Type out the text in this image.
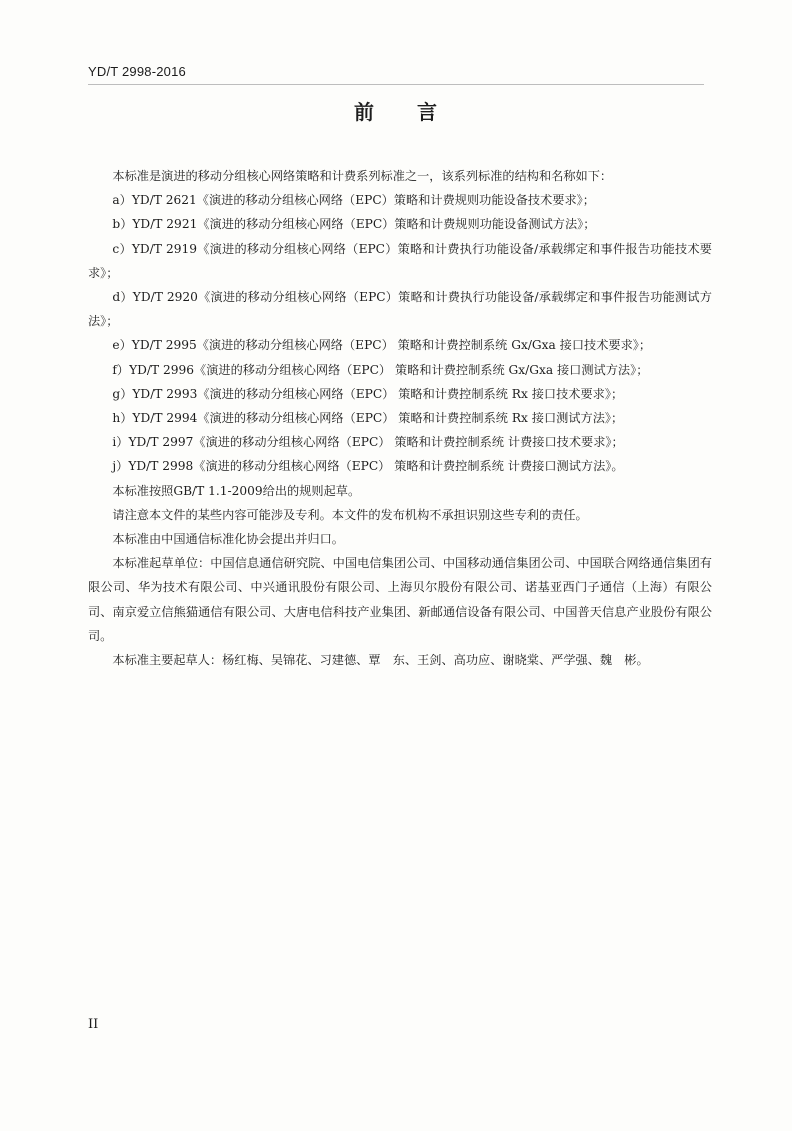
YD/T 2998-2016
前　　言

本标准是演进的移动分组核心网络策略和计费系列标准之一，该系列标准的结构和名称如下：

a）YD/T 2621《演进的移动分组核心网络（EPC）策略和计费规则功能设备技术要求》；

b）YD/T 2921《演进的移动分组核心网络（EPC）策略和计费规则功能设备测试方法》；

c）YD/T 2919《演进的移动分组核心网络（EPC）策略和计费执行功能设备/承载绑定和事件报告功能技术要求》；

d）YD/T 2920《演进的移动分组核心网络（EPC）策略和计费执行功能设备/承载绑定和事件报告功能测试方法》；

e）YD/T 2995《演进的移动分组核心网络（EPC） 策略和计费控制系统 Gx/Gxa 接口技术要求》；

f）YD/T 2996《演进的移动分组核心网络（EPC） 策略和计费控制系统 Gx/Gxa 接口测试方法》；

g）YD/T 2993《演进的移动分组核心网络（EPC） 策略和计费控制系统 Rx 接口技术要求》；

h）YD/T 2994《演进的移动分组核心网络（EPC） 策略和计费控制系统 Rx 接口测试方法》；

i）YD/T 2997《演进的移动分组核心网络（EPC） 策略和计费控制系统 计费接口技术要求》；

j）YD/T 2998《演进的移动分组核心网络（EPC） 策略和计费控制系统 计费接口测试方法》。

本标准按照GB/T 1.1-2009给出的规则起草。

请注意本文件的某些内容可能涉及专利。本文件的发布机构不承担识别这些专利的责任。

本标准由中国通信标准化协会提出并归口。

本标准起草单位：中国信息通信研究院、中国电信集团公司、中国移动通信集团公司、中国联合网络通信集团有限公司、华为技术有限公司、中兴通讯股份有限公司、上海贝尔股份有限公司、诺基亚西门子通信（上海）有限公司、南京爱立信熊猫通信有限公司、大唐电信科技产业集团、新邮通信设备有限公司、中国普天信息产业股份有限公司。

本标准主要起草人：杨红梅、吴锦花、习建德、覃　东、王剑、高功应、谢晓棠、严学强、魏　彬。

II
